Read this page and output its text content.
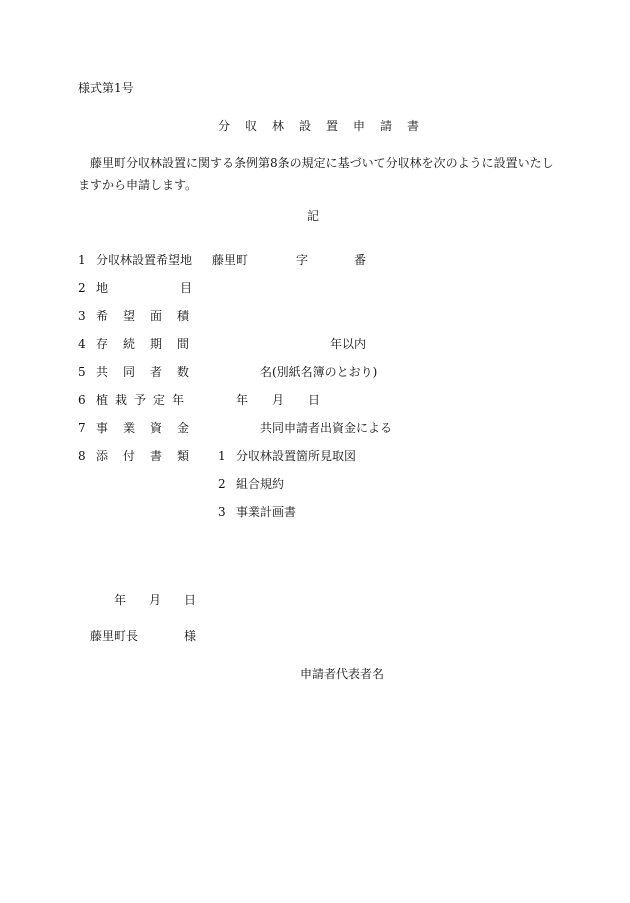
様式第1号
分収林設置申請書
藤里町分収林設置に関する条例第8条の規定に基づいて分収林を次のように設置いたし
ますから申請します。
記
1 分収林設置希望地 藤里町	字	番
2 地目
3 希望面積
4 存続期間	年以内
5 共同者数	名(別紙名簿のとおり)
6 植栽予定年	年 月 日
7 事業資金	共同申請者出資金による
8 添付書類 1 分収林設置箇所見取図
2 組合規約
3 事業計画書
年 月 日
藤里町長	様
申請者代表者名
